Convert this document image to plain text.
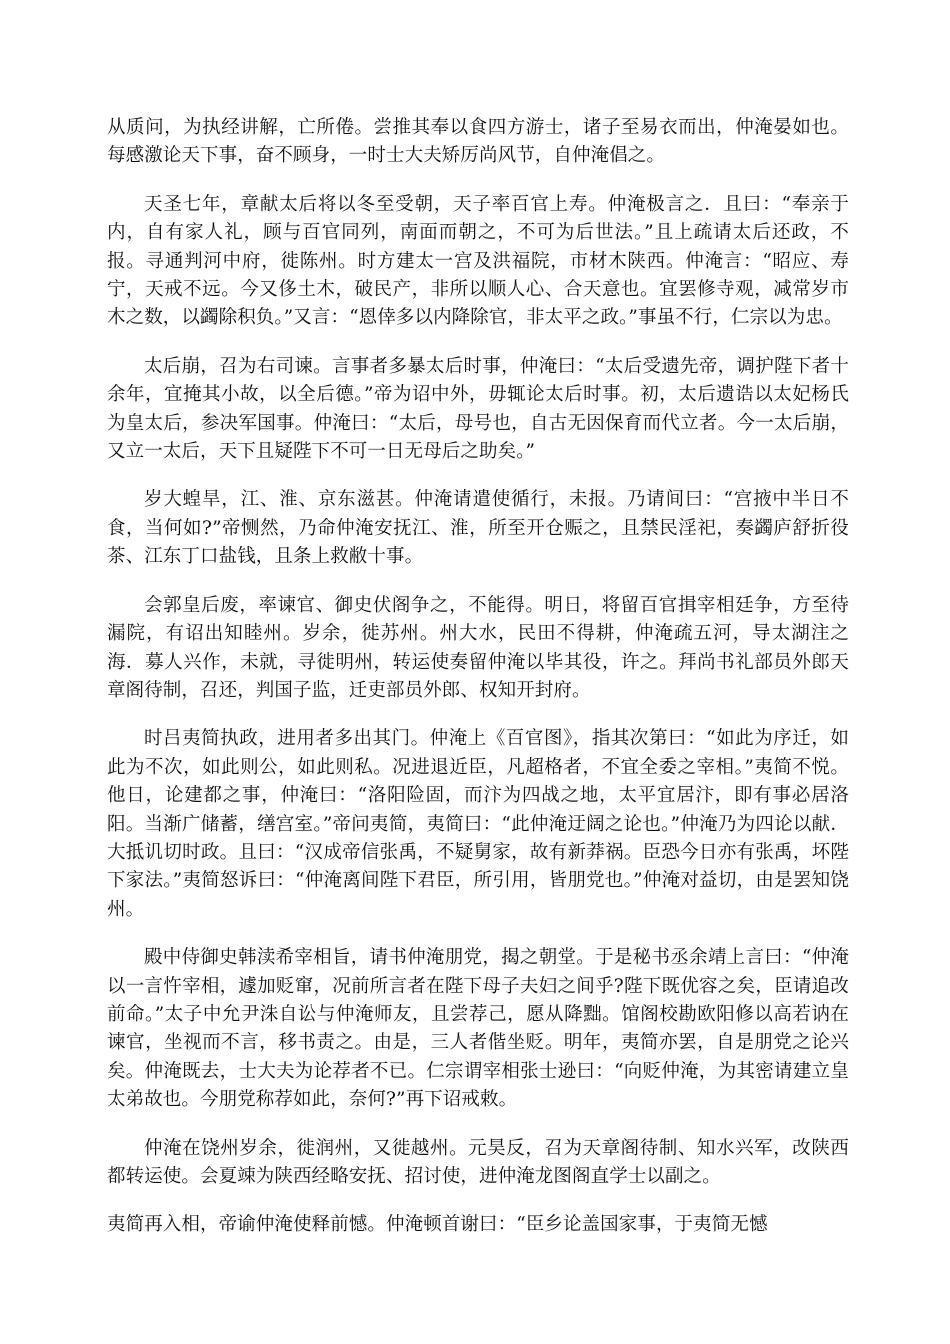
从质问，为执经讲解，亡所倦。尝推其奉以食四方游士，诸子至易衣而出，仲淹晏如也。每感激论天下事，奋不顾身，一时士大夫矫厉尚风节，自仲淹倡之。

天圣七年，章献太后将以冬至受朝，天子率百官上寿。仲淹极言之．且曰：“奉亲于内，自有家人礼，顾与百官同列，南面而朝之，不可为后世法。”且上疏请太后还政，不报。寻通判河中府，徙陈州。时方建太一宫及洪福院，市材木陕西。仲淹言：“昭应、寿宁，天戒不远。今又侈土木，破民产，非所以顺人心、合天意也。宜罢修寺观，减常岁市木之数，以蠲除积负。”又言：“恩倖多以内降除官，非太平之政。”事虽不行，仁宗以为忠。

太后崩，召为右司谏。言事者多暴太后时事，仲淹曰：“太后受遗先帝，调护陛下者十余年，宜掩其小故，以全后德。”帝为诏中外，毋辄论太后时事。初，太后遗诰以太妃杨氏为皇太后，参决军国事。仲淹曰：“太后，母号也，自古无因保育而代立者。今一太后崩，又立一太后，天下且疑陛下不可一日无母后之助矣。”

岁大蝗旱，江、淮、京东滋甚。仲淹请遣使循行，未报。乃请间曰：“宫掖中半日不食，当何如?”帝恻然，乃命仲淹安抚江、淮，所至开仓赈之，且禁民淫祀，奏蠲庐舒折役茶、江东丁口盐钱，且条上救敝十事。

会郭皇后废，率谏官、御史伏阁争之，不能得。明日，将留百官揖宰相廷争，方至待漏院，有诏出知睦州。岁余，徙苏州。州大水，民田不得耕，仲淹疏五河，导太湖注之海．募人兴作，未就，寻徙明州，转运使奏留仲淹以毕其役，许之。拜尚书礼部员外郎天章阁待制，召还，判国子监，迁吏部员外郎、权知开封府。

时吕夷简执政，进用者多出其门。仲淹上《百官图》，指其次第曰：“如此为序迁，如此为不次，如此则公，如此则私。况进退近臣，凡超格者，不宜全委之宰相。”夷简不悦。他日，论建都之事，仲淹曰：“洛阳险固，而汴为四战之地，太平宜居汴，即有事必居洛阳。当渐广储蓄，缮宫室。”帝问夷简，夷简曰：“此仲淹迂阔之论也。”仲淹乃为四论以献．大抵讥切时政。且曰：“汉成帝信张禹，不疑舅家，故有新莽祸。臣恐今日亦有张禹，坏陛下家法。”夷简怒诉曰：“仲淹离间陛下君臣，所引用，皆朋党也。”仲淹对益切，由是罢知饶州。

殿中侍御史韩渎希宰相旨，请书仲淹朋党，揭之朝堂。于是秘书丞余靖上言曰：“仲淹以一言忤宰相，遽加贬窜，况前所言者在陛下母子夫妇之间乎?陛下既优容之矣，臣请追改前命。”太子中允尹洙自讼与仲淹师友，且尝荐己，愿从降黜。馆阁校勘欧阳修以高若讷在谏官，坐视而不言，移书责之。由是，三人者偕坐贬。明年，夷简亦罢，自是朋党之论兴矣。仲淹既去，士大夫为论荐者不已。仁宗谓宰相张士逊曰：“向贬仲淹，为其密请建立皇太弟故也。今朋党称荐如此，奈何?”再下诏戒敕。

仲淹在饶州岁余，徙润州，又徙越州。元昊反，召为天章阁待制、知水兴军，改陕西都转运使。会夏竦为陕西经略安抚、招讨使，进仲淹龙图阁直学士以副之。

夷简再入相，帝谕仲淹使释前憾。仲淹顿首谢曰：“臣乡论盖国家事，于夷简无憾
